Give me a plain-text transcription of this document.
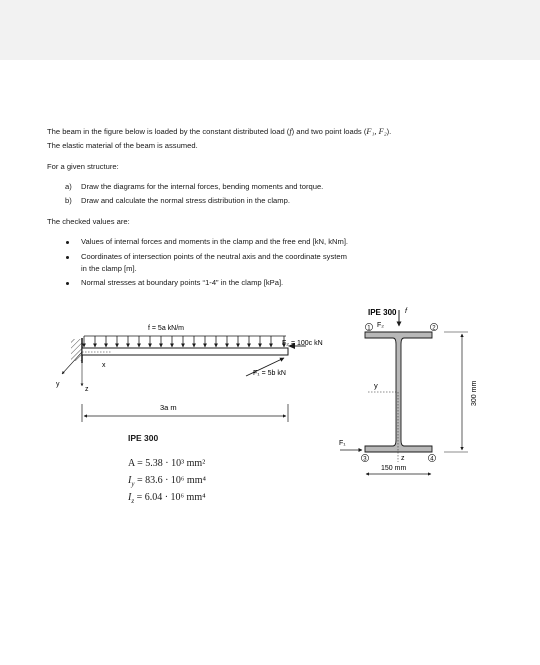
The beam in the figure below is loaded by the constant distributed load (f) and two point loads (F₁, F₂).
The elastic material of the beam is assumed.
For a given structure:
a) Draw the diagrams for the internal forces, bending moments and torque.
b) Draw and calculate the normal stress distribution in the clamp.
The checked values are:
Values of internal forces and moments in the clamp and the free end [kN, kNm].
Coordinates of intersection points of the neutral axis and the coordinate system
in the clamp [m].
Normal stresses at boundary points “1-4” in the clamp [kPa].
f = 5a kN/m
F₂ = 100c kN
F₁ = 5b kN
x
y
z
3a m
IPE 300 f
F₂
y
z
1	2
3	4
F₁
150 mm
300 mm
IPE 300
A = 5.38 · 10³ mm²
$I_y = 83.6 \cdot 10^6$ mm⁴
$I_z = 6.04 \cdot 10^6$ mm⁴
